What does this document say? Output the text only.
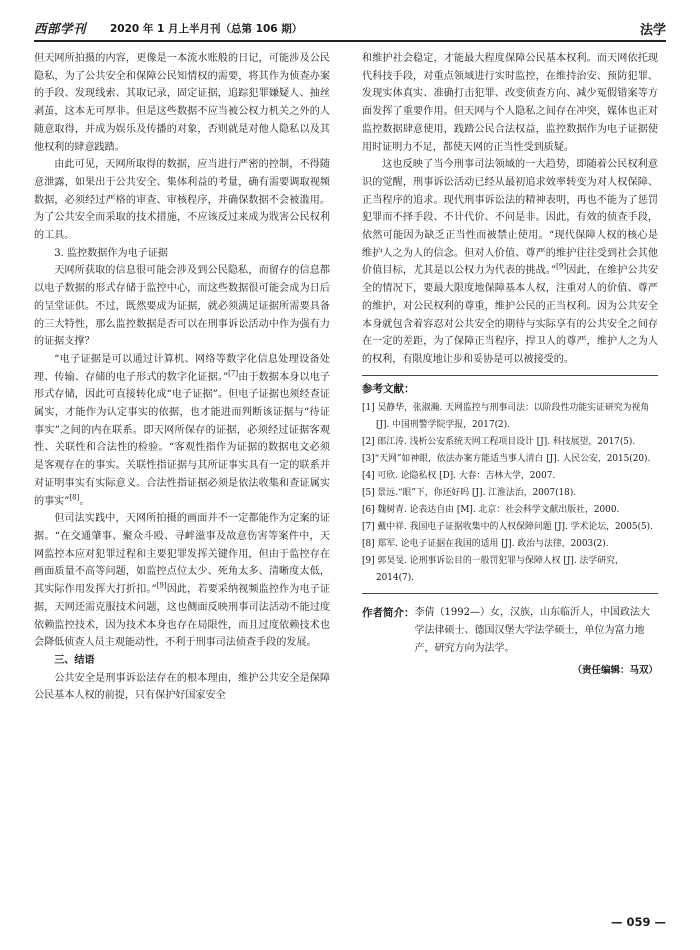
西部学刊 2020 年 1 月上半月刊（总第 106 期）	法学

但天网所拍摄的内容，更像是一本流水账般的日记，可能涉及公民隐私，为了公共安全和保障公民知情权的需要，将其作为侦查办案的手段、发现线索、其取记录，固定证据，追踪犯罪嫌疑人、抽丝剥茧，这本无可厚非。但是这些数据不应当被公权力机关之外的人随意取得，并成为娱乐及传播的对象，否则就是对他人隐私以及其他权利的肆意践踏。

由此可见，天网所取得的数据，应当进行严密的控制，不得随意泄露，如果出于公共安全、集体利益的考量，确有需要调取视频数据，必须经过严格的审查、审核程序，并确保数据不会被滥用。为了公共安全而采取的技术措施，不应该反过来成为戕害公民权利的工具。

3. 监控数据作为电子证据

天网所获取的信息很可能会涉及到公民隐私，而留存的信息都以电子数据的形式存储于监控中心，而这些数据很可能会成为日后的呈堂证供。不过，既然要成为证据，就必须满足证据所需要具备的三大特性，那么监控数据是否可以在刑事诉讼活动中作为强有力的证据支撑？

“电子证据是可以通过计算机、网络等数字化信息处理设备处理、传输、存储的电子形式的数字化证据。”[7]由于数据本身以电子形式存储，因此可直接转化成“电子证据”。但电子证据也须经查证属实，才能作为认定事实的依据，也才能进而判断该证据与“待证事实”之间的内在联系。即天网所保存的证据，必须经过证据客观性、关联性和合法性的检验。“客观性指作为证据的数据电文必须是客观存在的事实。关联性指证据与其所证事实具有一定的联系并对证明事实有实际意义。合法性指证据必须是依法收集和查证属实的事实”[8]。

但司法实践中，天网所拍摄的画面并不一定都能作为定案的证据。“在交通肇事、聚众斗殴、寻衅滋事及故意伤害等案件中，天网监控本应对犯罪过程和主要犯罪发挥关键作用，但由于监控存在画面质量不高等问题，如监控点位太少、死角太多、清晰度太低，其实际作用发挥大打折扣。”[9]因此，若要采纳视频监控作为电子证据，天网还需克服技术问题，这也侧面反映刑事司法活动不能过度依赖监控技术，因为技术本身也存在局限性，而且过度依赖技术也会降低侦查人员主观能动性，不利于刑事司法侦查手段的发展。

三、结语

公共安全是刑事诉讼法存在的根本理由，维护公共安全是保障公民基本人权的前提，只有保护好国家安全

和维护社会稳定，才能最大程度保障公民基本权利。而天网依托现代科技手段，对重点领域进行实时监控，在维持治安、预防犯罪、发现实体真实、准确打击犯罪、改变侦查方向、减少冤假错案等方面发挥了重要作用。但天网与个人隐私之间存在冲突，媒体也正对监控数据肆意使用，践踏公民合法权益，监控数据作为电子证据使用时证明力不足，都使天网的正当性受到质疑。

这也反映了当今刑事司法领域的一大趋势，即随着公民权利意识的觉醒，刑事诉讼活动已经从最初追求效率转变为对人权保障、正当程序的追求。现代刑事诉讼法的精神表明，再也不能为了惩罚犯罪而不择手段、不计代价、不问是非。因此，有效的侦查手段，依然可能因为缺乏正当性而被禁止使用。“现代保障人权的核心是维护人之为人的信念。但对人价值、尊严的维护往往受到社会其他价值目标，尤其是以公权力为代表的挑战。”[9]因此，在维护公共安全的情况下，要最大限度地保障基本人权，注重对人的价值、尊严的维护，对公民权利的尊重，维护公民的正当权利。因为公共安全本身就包含着容忍对公共安全的期待与实际享有的公共安全之间存在一定的差距，为了保障正当程序，捍卫人的尊严，维护人之为人的权利，有限度地让步和妥协是可以被接受的。

参考文献：
[1] 吴静华，张淑瀚. 天网监控与刑事司法：以阶段性功能实证研究为视角 [J]. 中国刑警学院学报，2017(2).
[2] 郎江涛. 浅析公安系统天网工程项目设计 [J]. 科技展望，2017(5).
[3]“天网”如神眼，依法办案方能适当事人清白 [J]. 人民公安，2015(20).
[4] 可欣. 论隐私权 [D]. 大春：吉林大学，2007.
[5] 景远.“眼”下，你还好吗 [J]. 江淮法治，2007(18).
[6] 魏树青. 论表达自由 [M]. 北京：社会科学文献出版社，2000.
[7] 戴中祥. 我国电子证据收集中的人权保障问题 [J]. 学术论坛，2005(5).
[8] 郑军. 论电子证据在我国的适用 [J]. 政治与法律，2003(2).
[9] 郭昊旻. 论刑事诉讼目的一般罚犯罪与保障人权 [J]. 法学研究，2014(7).
作者简介： 李倩（1992—）女，汉族，山东临沂人，中国政法大学法律硕士、德国汉堡大学法学硕士，单位为富力地产，研究方向为法学。
（责任编辑：马双）
— 059 —
